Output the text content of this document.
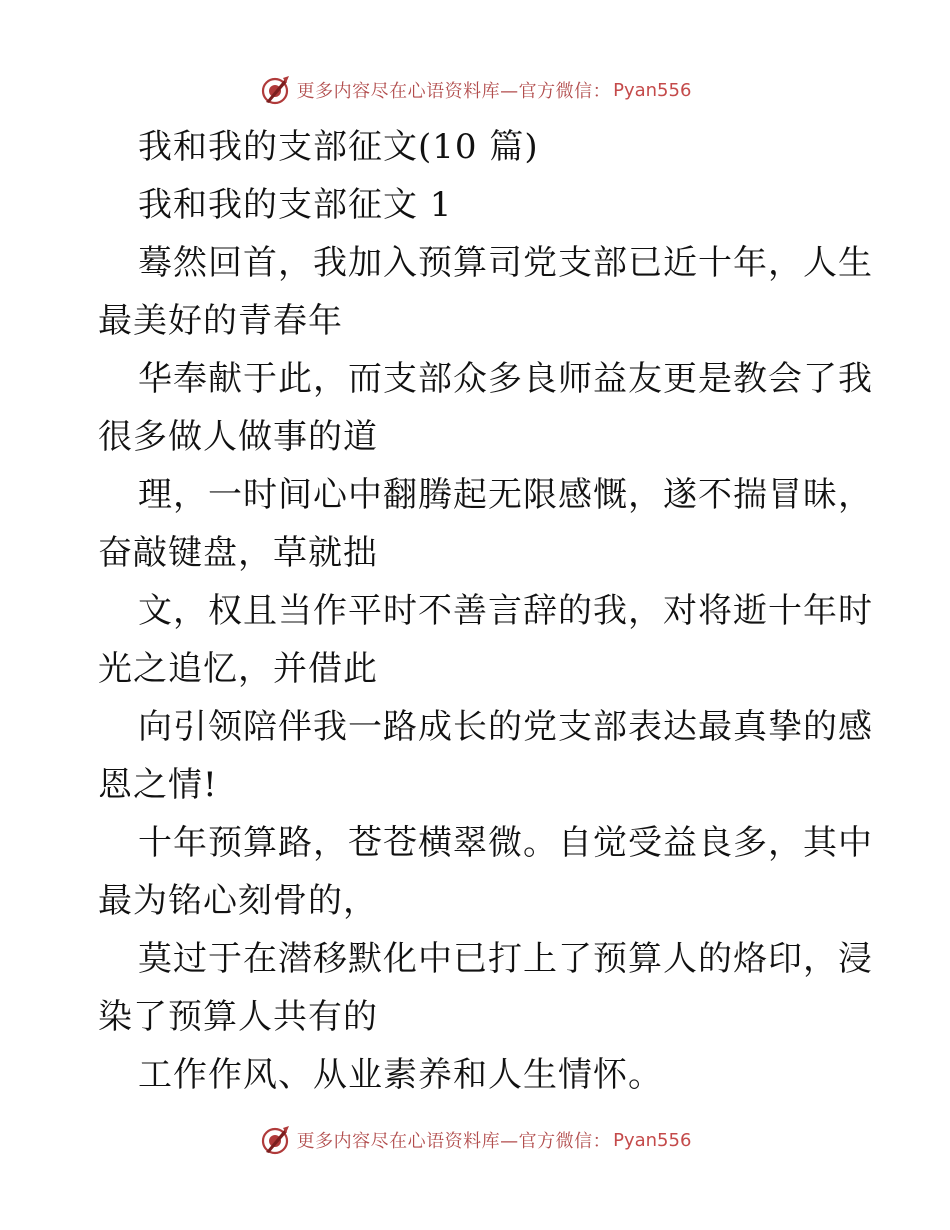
更多内容尽在心语资料库—官方微信： Pyan556
我和我的支部征文(10 篇)
我和我的支部征文 1
蓦然回首，我加入预算司党支部已近十年，人生
最美好的青春年
华奉献于此，而支部众多良师益友更是教会了我
很多做人做事的道
理，一时间心中翻腾起无限感慨，遂不揣冒昧，
奋敲键盘，草就拙
文，权且当作平时不善言辞的我，对将逝十年时
光之追忆，并借此
向引领陪伴我一路成长的党支部表达最真挚的感
恩之情!
十年预算路，苍苍横翠微。自觉受益良多，其中
最为铭心刻骨的，
莫过于在潜移默化中已打上了预算人的烙印，浸
染了预算人共有的
工作作风、从业素养和人生情怀。
更多内容尽在心语资料库—官方微信： Pyan556
